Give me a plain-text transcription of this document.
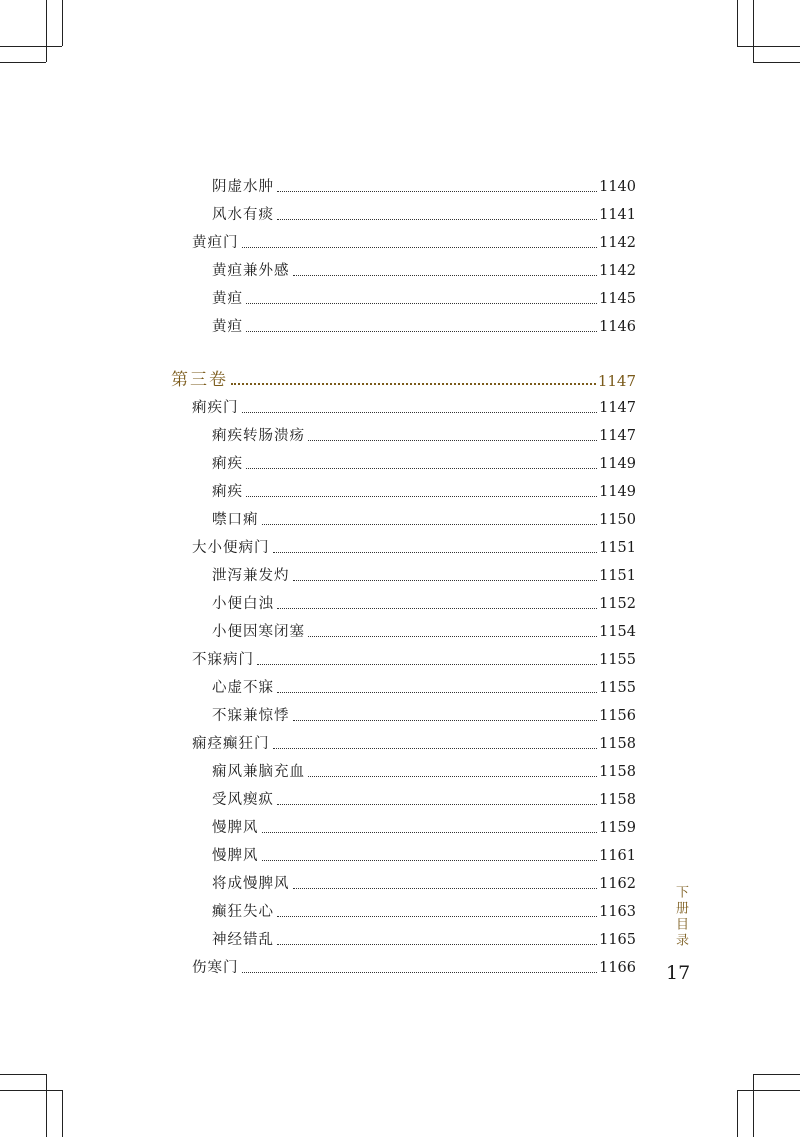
阴虚水肿	1140
风水有痰	1141
黄疸门	1142
黄疸兼外感	1142
黄疸	1145
黄疸	1146
第三卷	1147
痢疾门	1147
痢疾转肠溃疡	1147
痢疾	1149
痢疾	1149
噤口痢	1150
大小便病门	1151
泄泻兼发灼	1151
小便白浊	1152
小便因寒闭塞	1154
不寐病门	1155
心虚不寐	1155
不寐兼惊悸	1156
痫痉癫狂门	1158
痫风兼脑充血	1158
受风瘈疭	1158
慢脾风	1159
慢脾风	1161
将成慢脾风	1162
癫狂失心	1163
神经错乱	1165
伤寒门	1166
下册目录
17
